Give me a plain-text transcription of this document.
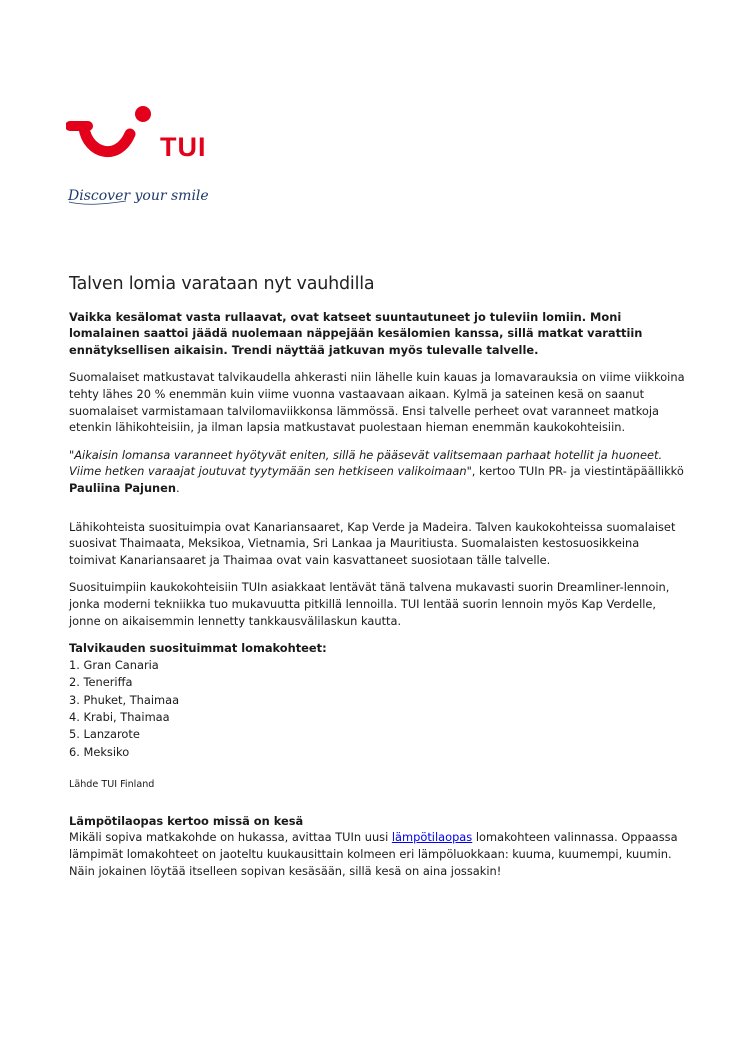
TUI
Discover your smile
Talven lomia varataan nyt vauhdilla

Vaikka kesälomat vasta rullaavat, ovat katseet suuntautuneet jo tuleviin lomiin. Moni lomalainen saattoi jäädä nuolemaan näppejään kesälomien kanssa, sillä matkat varattiin ennätyksellisen aikaisin. Trendi näyttää jatkuvan myös tulevalle talvelle.

Suomalaiset matkustavat talvikaudella ahkerasti niin lähelle kuin kauas ja lomavarauksia on viime viikkoina tehty lähes 20 % enemmän kuin viime vuonna vastaavaan aikaan. Kylmä ja sateinen kesä on saanut suomalaiset varmistamaan talvilomaviikkonsa lämmössä. Ensi talvelle perheet ovat varanneet matkoja etenkin lähikohteisiin, ja ilman lapsia matkustavat puolestaan hieman enemmän kaukokohteisiin.

"Aikaisin lomansa varanneet hyötyvät eniten, sillä he pääsevät valitsemaan parhaat hotellit ja huoneet. Viime hetken varaajat joutuvat tyytymään sen hetkiseen valikoimaan", kertoo TUIn PR- ja viestintäpäällikkö Pauliina Pajunen.

Lähikohteista suosituimpia ovat Kanariansaaret, Kap Verde ja Madeira. Talven kaukokohteissa suomalaiset suosivat Thaimaata, Meksikoa, Vietnamia, Sri Lankaa ja Mauritiusta. Suomalaisten kestosuosikkeina toimivat Kanariansaaret ja Thaimaa ovat vain kasvattaneet suosiotaan tälle talvelle.

Suosituimpiin kaukokohteisiin TUIn asiakkaat lentävät tänä talvena mukavasti suorin Dreamliner-lennoin, jonka moderni tekniikka tuo mukavuutta pitkillä lennoilla. TUI lentää suorin lennoin myös Kap Verdelle, jonne on aikaisemmin lennetty tankkausvälilaskun kautta.

Talvikauden suosituimmat lomakohteet:

1. Gran Canaria
2. Teneriffa
3. Phuket, Thaimaa
4. Krabi, Thaimaa
5. Lanzarote
6. Meksiko

Lähde TUI Finland

Lämpötilaopas kertoo missä on kesä

Mikäli sopiva matkakohde on hukassa, avittaa TUIn uusi lämpötilaopas lomakohteen valinnassa. Oppaassa lämpimät lomakohteet on jaoteltu kuukausittain kolmeen eri lämpöluokkaan: kuuma, kuumempi, kuumin. Näin jokainen löytää itselleen sopivan kesäsään, sillä kesä on aina jossakin!
